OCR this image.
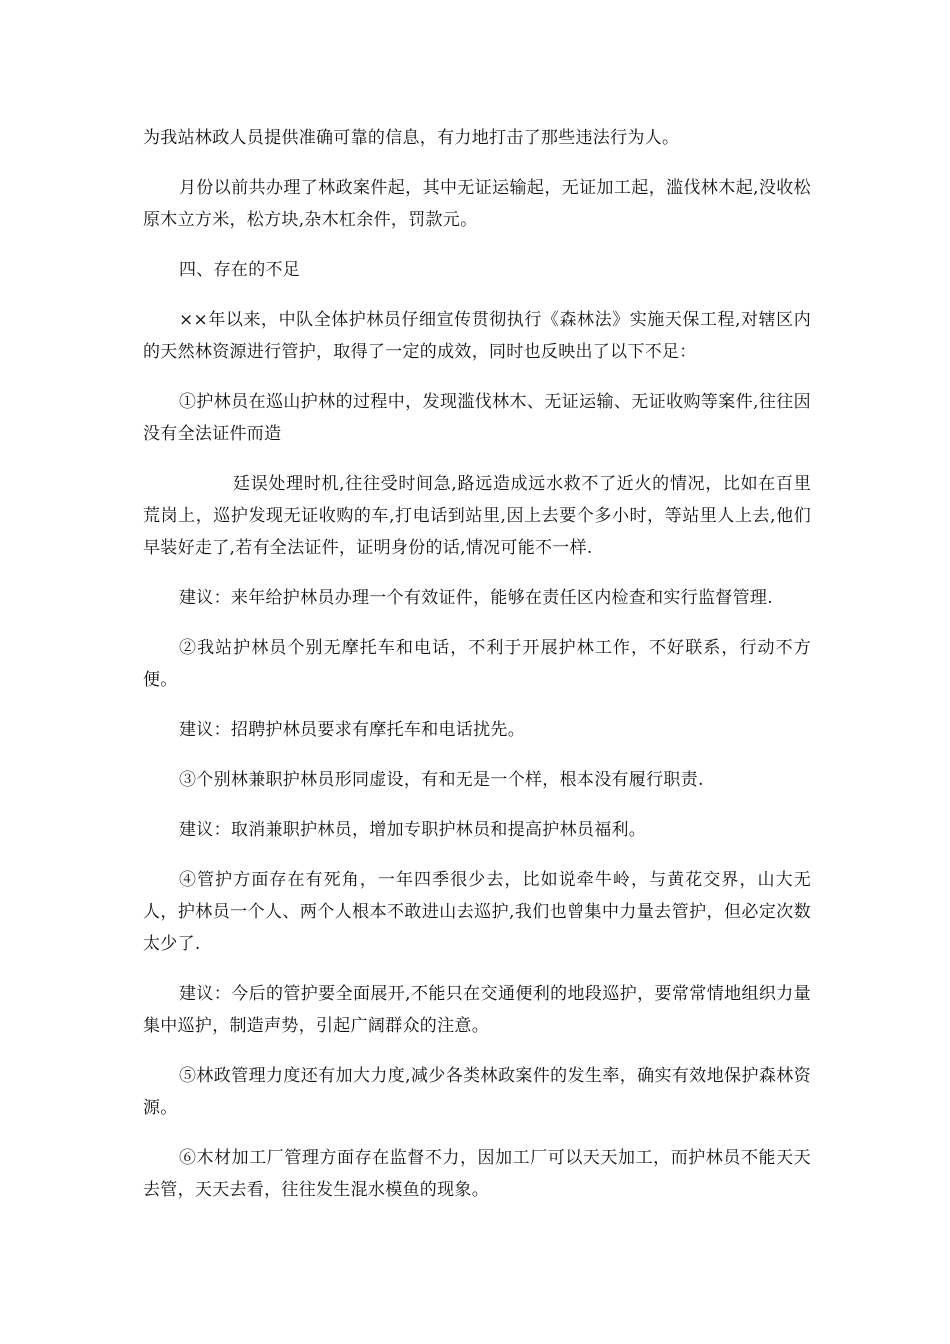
为我站林政人员提供准确可靠的信息，有力地打击了那些违法行为人。

月份以前共办理了林政案件起，其中无证运输起，无证加工起，滥伐林木起,没收松原木立方米，松方块,杂木杠余件，罚款元。

四、存在的不足

××年以来，中队全体护林员仔细宣传贯彻执行《森林法》实施天保工程,对辖区内的天然林资源进行管护，取得了一定的成效，同时也反映出了以下不足：

①护林员在巡山护林的过程中，发现滥伐林木、无证运输、无证收购等案件,往往因没有全法证件而造

廷误处理时机,往往受时间急,路远造成远水救不了近火的情况，比如在百里荒岗上，巡护发现无证收购的车,打电话到站里,因上去要个多小时，等站里人上去,他们早装好走了,若有全法证件，证明身份的话,情况可能不一样.

建议：来年给护林员办理一个有效证件，能够在责任区内检查和实行监督管理.

②我站护林员个别无摩托车和电话，不利于开展护林工作，不好联系，行动不方便。

建议：招聘护林员要求有摩托车和电话扰先。

③个别林兼职护林员形同虚设，有和无是一个样，根本没有履行职责.

建议：取消兼职护林员，增加专职护林员和提高护林员福利。

④管护方面存在有死角，一年四季很少去，比如说牵牛岭，与黄花交界，山大无人，护林员一个人、两个人根本不敢进山去巡护,我们也曾集中力量去管护，但必定次数太少了.

建议：今后的管护要全面展开,不能只在交通便利的地段巡护，要常常情地组织力量集中巡护，制造声势，引起广阔群众的注意。

⑤林政管理力度还有加大力度,减少各类林政案件的发生率，确实有效地保护森林资源。

⑥木材加工厂管理方面存在监督不力，因加工厂可以天天加工，而护林员不能天天去管，天天去看，往往发生混水模鱼的现象。
